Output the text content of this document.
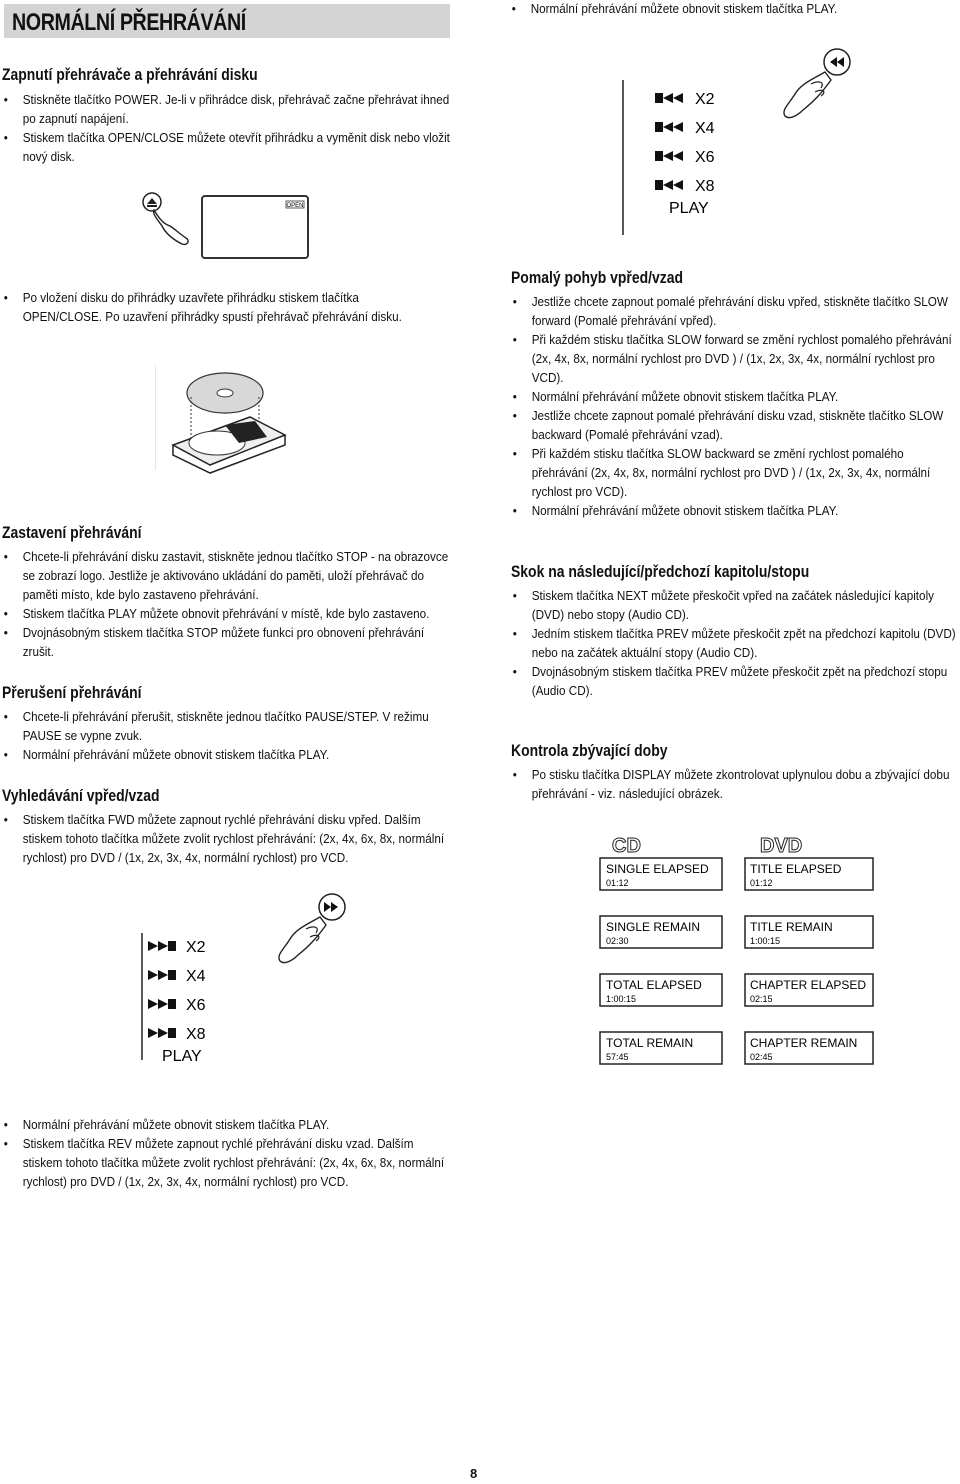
NORMÁLNÍ PŘEHRÁVÁNÍ
• Normální přehrávání můžete obnovit stiskem tlačítka PLAY.
Zapnutí přehrávače a přehrávání disku
• Stiskněte tlačítko POWER. Je-li v přihrádce disk, přehrávač začne přehrávat ihned po zapnutí napájení.
• Stiskem tlačítka OPEN/CLOSE můžete otevřít přihrádku a vyměnit disk nebo vložit nový disk.
OPEN
• Po vložení disku do přihrádky uzavřete přihrádku stiskem tlačítka OPEN/CLOSE. Po uzavření přihrádky spustí přehrávač přehrávání disku.
Zastavení přehrávání
• Chcete-li přehrávání disku zastavit, stiskněte jednou tlačítko STOP - na obrazovce se zobrazí logo. Jestliže je aktivováno ukládání do paměti, uloží přehrávač do paměti místo, kde bylo zastaveno přehrávání.
• Stiskem tlačítka PLAY můžete obnovit přehrávání v místě, kde bylo zastaveno.
• Dvojnásobným stiskem tlačítka STOP můžete funkci pro obnovení přehrávání zrušit.
Přerušení přehrávání
• Chcete-li přehrávání přerušit, stiskněte jednou tlačítko PAUSE/STEP. V režimu PAUSE se vypne zvuk.
• Normální přehrávání můžete obnovit stiskem tlačítka PLAY.
Vyhledávání vpřed/vzad
• Stiskem tlačítka FWD můžete zapnout rychlé přehrávání disku vpřed. Dalším stiskem tohoto tlačítka můžete zvolit rychlost přehrávání: (2x, 4x, 6x, 8x, normální rychlost) pro DVD / (1x, 2x, 3x, 4x, normální rychlost) pro VCD.
X2
X4
X6
X8
PLAY
• Normální přehrávání můžete obnovit stiskem tlačítka PLAY.
• Stiskem tlačítka REV můžete zapnout rychlé přehrávání disku vzad. Dalším stiskem tohoto tlačítka můžete zvolit rychlost přehrávání: (2x, 4x, 6x, 8x, normální rychlost) pro DVD / (1x, 2x, 3x, 4x, normální rychlost) pro VCD.
X2
X4
X6
X8
PLAY
Pomalý pohyb vpřed/vzad
• Jestliže chcete zapnout pomalé přehrávání disku vpřed, stiskněte tlačítko SLOW forward (Pomalé přehrávání vpřed).
• Při každém stisku tlačítka SLOW forward se změní rychlost pomalého přehrávání (2x, 4x, 8x, normální rychlost pro DVD ) / (1x, 2x, 3x, 4x, normální rychlost pro VCD).
• Normální přehrávání můžete obnovit stiskem tlačítka PLAY.
• Jestliže chcete zapnout pomalé přehrávání disku vzad, stiskněte tlačítko SLOW backward (Pomalé přehrávání vzad).
• Při každém stisku tlačítka SLOW backward se změní rychlost pomalého přehrávání (2x, 4x, 8x, normální rychlost pro DVD ) / (1x, 2x, 3x, 4x, normální rychlost pro VCD).
• Normální přehrávání můžete obnovit stiskem tlačítka PLAY.
Skok na následující/předchozí kapitolu/stopu
• Stiskem tlačítka NEXT můžete přeskočit vpřed na začátek následující kapitoly (DVD) nebo stopy (Audio CD).
• Jedním stiskem tlačítka PREV můžete přeskočit zpět na předchozí kapitolu (DVD) nebo na začátek aktuální stopy (Audio CD).
• Dvojnásobným stiskem tlačítka PREV můžete přeskočit zpět na předchozí stopu (Audio CD).
Kontrola zbývající doby
• Po stisku tlačítka DISPLAY můžete zkontrolovat uplynulou dobu a zbývající dobu přehrávání - viz. následující obrázek.
CD	DVD
SINGLE ELAPSED
01:12
SINGLE REMAIN
02:30
TOTAL ELAPSED
1:00:15
TOTAL REMAIN
57:45
TITLE ELAPSED
01:12
TITLE REMAIN
1:00:15
CHAPTER ELAPSED
02:15
CHAPTER REMAIN
02:45
8
